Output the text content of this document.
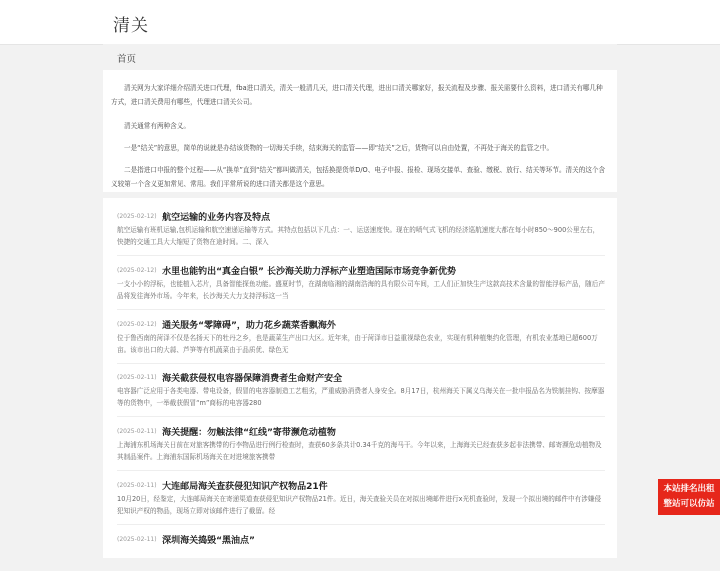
清关
首页

清关网为大家详细介绍清关进口代理，fba进口清关，清关一般清几天，进口清关代理，进出口清关哪家好，报关流程及步骤、报关需要什么资料，进口清关有哪几种方式，进口清关费用有哪些，代理进口清关公司。

清关通常有两种含义。

一是“结关”的意思，简单的说就是办结该货物的一切海关手续，结束海关的监管——即“结关”之后，货物可以自由处置，不再处于海关的监管之中。

二是指进口申报的整个过程——从“换单”直到“结关”都叫做清关，包括换提货单D/O、电子申报、报检、现场交接单、查验、缴税、放行、结关等环节。清关的这个含义较第一个含义更加常见、常用。我们平常所说的进口清关都是这个意思。

(2025-02-12) 航空运输的业务内容及特点
航空运输有班机运输,包机运输和航空速递运输等方式。其特点包括以下几点：一、运送速度快。现在的喷气式飞机的经济巡航速度大都在每小时850～900公里左右，快捷的交通工具大大缩短了货物在途时间。二、深入
(2025-02-12) 水里也能钓出“真金白银” 长沙海关助力浮标产业塑造国际市场竞争新优势
一支小小的浮标，也能植入芯片，具备智能探鱼功能。盛夏时节，在湖南临湘的湖南浩海的具有限公司车间，工人们正加快生产这款高技术含量的智能浮标产品，随后产品将发往海外市场。今年来，长沙海关大力支持浮标这一当
(2025-02-12) 通关服务“零障碍”，助力花乡蔬菜香飘海外
位于鲁西南的菏泽不仅是名扬天下的牡丹之乡，也是蔬菜生产出口大区。近年来，由于菏泽市日益重视绿色农业，实现有机种植集约化管理，有机农业基地已超600万亩。该市出口的大蒜、芦笋等有机蔬菜由于品质优、绿色无
(2025-02-11) 海关截获侵权电容器保障消费者生命财产安全
电容器广泛应用于各类电器、带电设备，假冒的电容器制造工艺粗劣，严重威胁消费者人身安全。8月17日，杭州海关下属义乌海关在一批申报品名为铁制挂钩、按摩器等的货物中，一举截获假冒“m”商标的电容器280
(2025-02-11) 海关提醒：勿触法律“红线”寄带濒危动植物
上海浦东机场海关日前在对旅客携带的行李物品进行例行检查时，查获60多条共计0.34千克的海马干。今年以来，上海海关已经查获多起非法携带、邮寄濒危动植物及其制品案件。上海浦东国际机场海关在对进境旅客携带
(2025-02-11) 大连邮局海关查获侵犯知识产权物品21件
10月20日，经鉴定，大连邮局海关在寄递渠道查获侵犯知识产权物品21件。近日，海关查验关员在对拟出境邮件进行x光机查验时，发现一个拟出境的邮件中有涉嫌侵犯知识产权的物品，现场立即对该邮件进行了截留。经
(2025-02-11) 深圳海关捣毁“黑油点”
本站排名出租
整站可以仿站
